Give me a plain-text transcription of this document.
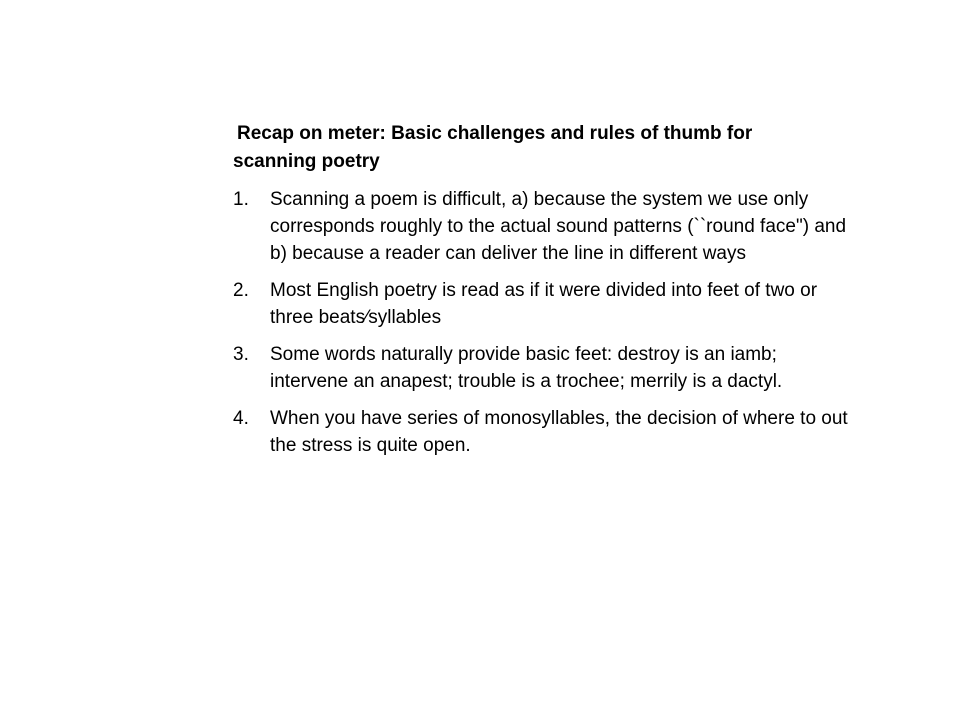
Recap on meter: Basic challenges and rules of thumb for
scanning poetry
1. Scanning a poem is difficult, a) because the system we use only corresponds roughly to the actual sound patterns (``round face") and b) because a reader can deliver the line in different ways
2. Most English poetry is read as if it were divided into feet of two or three beats⁄syllables
3. Some words naturally provide basic feet: destroy is an iamb; intervene an anapest; trouble is a trochee; merrily is a dactyl.
4. When you have series of monosyllables, the decision of where to out the stress is quite open.
